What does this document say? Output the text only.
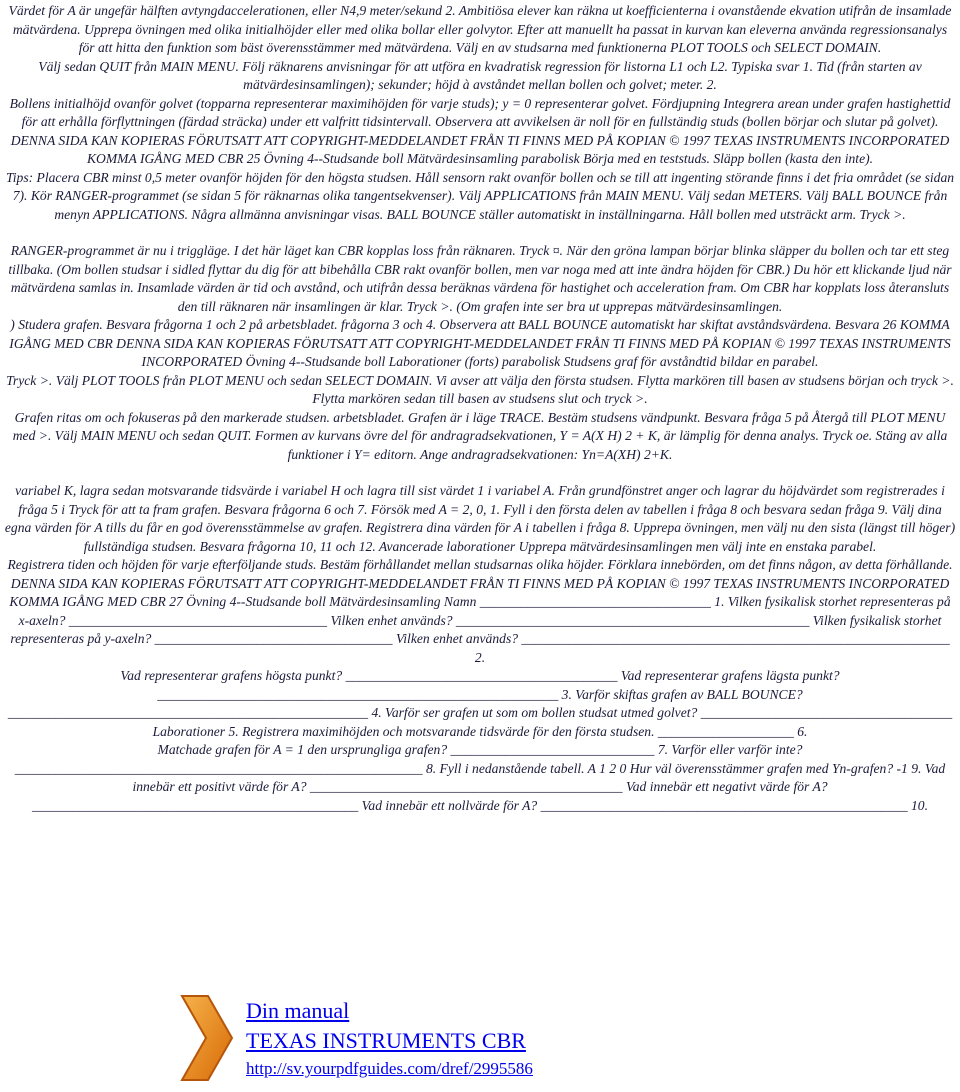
Värdet för A är ungefär hälften avtyngdaccelerationen, eller N4,9 meter/sekund 2. Ambitiösa elever kan räkna ut koefficienterna i ovanstående ekvation utifrån de insamlade mätvärdena. Upprepa övningen med olika initialhöjder eller med olika bollar eller golvytor. Efter att manuellt ha passat in kurvan kan eleverna använda regressionsanalys för att hitta den funktion som bäst överensstämmer med mätvärdena. Välj en av studsarna med funktionerna PLOT TOOLS och SELECT DOMAIN.

Välj sedan QUIT från MAIN MENU. Följ räknarens anvisningar för att utföra en kvadratisk regression för listorna L1 och L2. Typiska svar 1. Tid (från starten av mätvärdesinsamlingen); sekunder; höjd à avståndet mellan bollen och golvet; meter. 2.

Bollens initialhöjd ovanför golvet (topparna representerar maximihöjden för varje studs); y = 0 representerar golvet. Fördjupning Integrera arean under grafen hastighettid för att erhålla förflyttningen (färdad sträcka) under ett valfritt tidsintervall. Observera att avvikelsen är noll för en fullständig studs (bollen börjar och slutar på golvet). DENNA SIDA KAN KOPIERAS FÖRUTSATT ATT COPYRIGHT-MEDDELANDET FRÅN TI FINNS MED PÅ KOPIAN © 1997 TEXAS INSTRUMENTS INCORPORATED KOMMA IGÅNG MED CBR 25 Övning 4--Studsande boll Mätvärdesinsamling parabolisk Börja med en teststuds. Släpp bollen (kasta den inte).

Tips: Placera CBR minst 0,5 meter ovanför höjden för den högsta studsen. Håll sensorn rakt ovanför bollen och se till att ingenting störande finns i det fria området (se sidan 7). Kör RANGER-programmet (se sidan 5 för räknarnas olika tangentsekvenser). Välj APPLICATIONS från MAIN MENU. Välj sedan METERS. Välj BALL BOUNCE från menyn APPLICATIONS. Några allmänna anvisningar visas. BALL BOUNCE ställer automatiskt in inställningarna. Håll bollen med utsträckt arm. Tryck >.

RANGER-programmet är nu i triggläge. I det här läget kan CBR kopplas loss från räknaren. Tryck ¤. När den gröna lampan börjar blinka släpper du bollen och tar ett steg tillbaka. (Om bollen studsar i sidled flyttar du dig för att bibehålla CBR rakt ovanför bollen, men var noga med att inte ändra höjden för CBR.) Du hör ett klickande ljud när mätvärdena samlas in. Insamlade värden är tid och avstånd, och utifrån dessa beräknas värdena för hastighet och acceleration fram. Om CBR har kopplats loss återansluts den till räknaren när insamlingen är klar. Tryck >. (Om grafen inte ser bra ut upprepas mätvärdesinsamlingen.

) Studera grafen. Besvara frågorna 1 och 2 på arbetsbladet. frågorna 3 och 4. Observera att BALL BOUNCE automatiskt har skiftat avståndsvärdena. Besvara 26 KOMMA IGÅNG MED CBR DENNA SIDA KAN KOPIERAS FÖRUTSATT ATT COPYRIGHT-MEDDELANDET FRÅN TI FINNS MED PÅ KOPIAN © 1997 TEXAS INSTRUMENTS INCORPORATED Övning 4--Studsande boll Laborationer (forts) parabolisk Studsens graf för avståndtid bildar en parabel.

Tryck >. Välj PLOT TOOLS från PLOT MENU och sedan SELECT DOMAIN. Vi avser att välja den första studsen. Flytta markören till basen av studsens början och tryck >. Flytta markören sedan till basen av studsens slut och tryck >.

Grafen ritas om och fokuseras på den markerade studsen. arbetsbladet. Grafen är i läge TRACE. Bestäm studsens vändpunkt. Besvara fråga 5 på Återgå till PLOT MENU med >. Välj MAIN MENU och sedan QUIT. Formen av kurvans övre del för andragradsekvationen, Y = A(X H) 2 + K, är lämplig för denna analys. Tryck oe. Stäng av alla funktioner i Y= editorn. Ange andragradsekvationen: Yn=A(XH) 2+K.

variabel K, lagra sedan motsvarande tidsvärde i variabel H och lagra till sist värdet 1 i variabel A. Från grundfönstret anger och lagrar du höjdvärdet som registrerades i fråga 5 i Tryck för att ta fram grafen. Besvara frågorna 6 och 7. Försök med A = 2, 0, 1. Fyll i den första delen av tabellen i fråga 8 och besvara sedan fråga 9. Välj dina egna värden för A tills du får en god överensstämmelse av grafen. Registrera dina värden för A i tabellen i fråga 8. Upprepa övningen, men välj nu den sista (längst till höger) fullständiga studsen. Besvara frågorna 10, 11 och 12. Avancerade laborationer Upprepa mätvärdesinsamlingen men välj inte en enstaka parabel.

Registrera tiden och höjden för varje efterföljande studs. Bestäm förhållandet mellan studsarnas olika höjder. Förklara innebörden, om det finns någon, av detta förhållande. DENNA SIDA KAN KOPIERAS FÖRUTSATT ATT COPYRIGHT-MEDDELANDET FRÅN TI FINNS MED PÅ KOPIAN © 1997 TEXAS INSTRUMENTS INCORPORATED KOMMA IGÅNG MED CBR 27 Övning 4--Studsande boll Mätvärdesinsamling Namn __________________________________ 1. Vilken fysikalisk storhet representeras på x-axeln? ______________________________________ Vilken enhet används? ____________________________________________________ Vilken fysikalisk storhet representeras på y-axeln? ___________________________________ Vilken enhet används? _______________________________________________________________

2.

Vad representerar grafens högsta punkt? ________________________________________ Vad representerar grafens lägsta punkt? ___________________________________________________________ 3. Varför skiftas grafen av BALL BOUNCE? _____________________________________________________ 4. Varför ser grafen ut som om bollen studsat utmed golvet? _____________________________________ Laborationer 5. Registrera maximihöjden och motsvarande tidsvärde för den första studsen. ____________________ 6.

Matchade grafen för A = 1 den ursprungliga grafen? ______________________________ 7. Varför eller varför inte? ____________________________________________________________ 8. Fyll i nedanstående tabell. A 1 2 0 Hur väl överensstämmer grafen med Yn-grafen? -1 9. Vad innebär ett positivt värde för A? ______________________________________________ Vad innebär ett negativt värde för A? ________________________________________________ Vad innebär ett nollvärde för A? ______________________________________________________ 10.

Din manual
TEXAS INSTRUMENTS CBR
http://sv.yourpdfguides.com/dref/2995586
